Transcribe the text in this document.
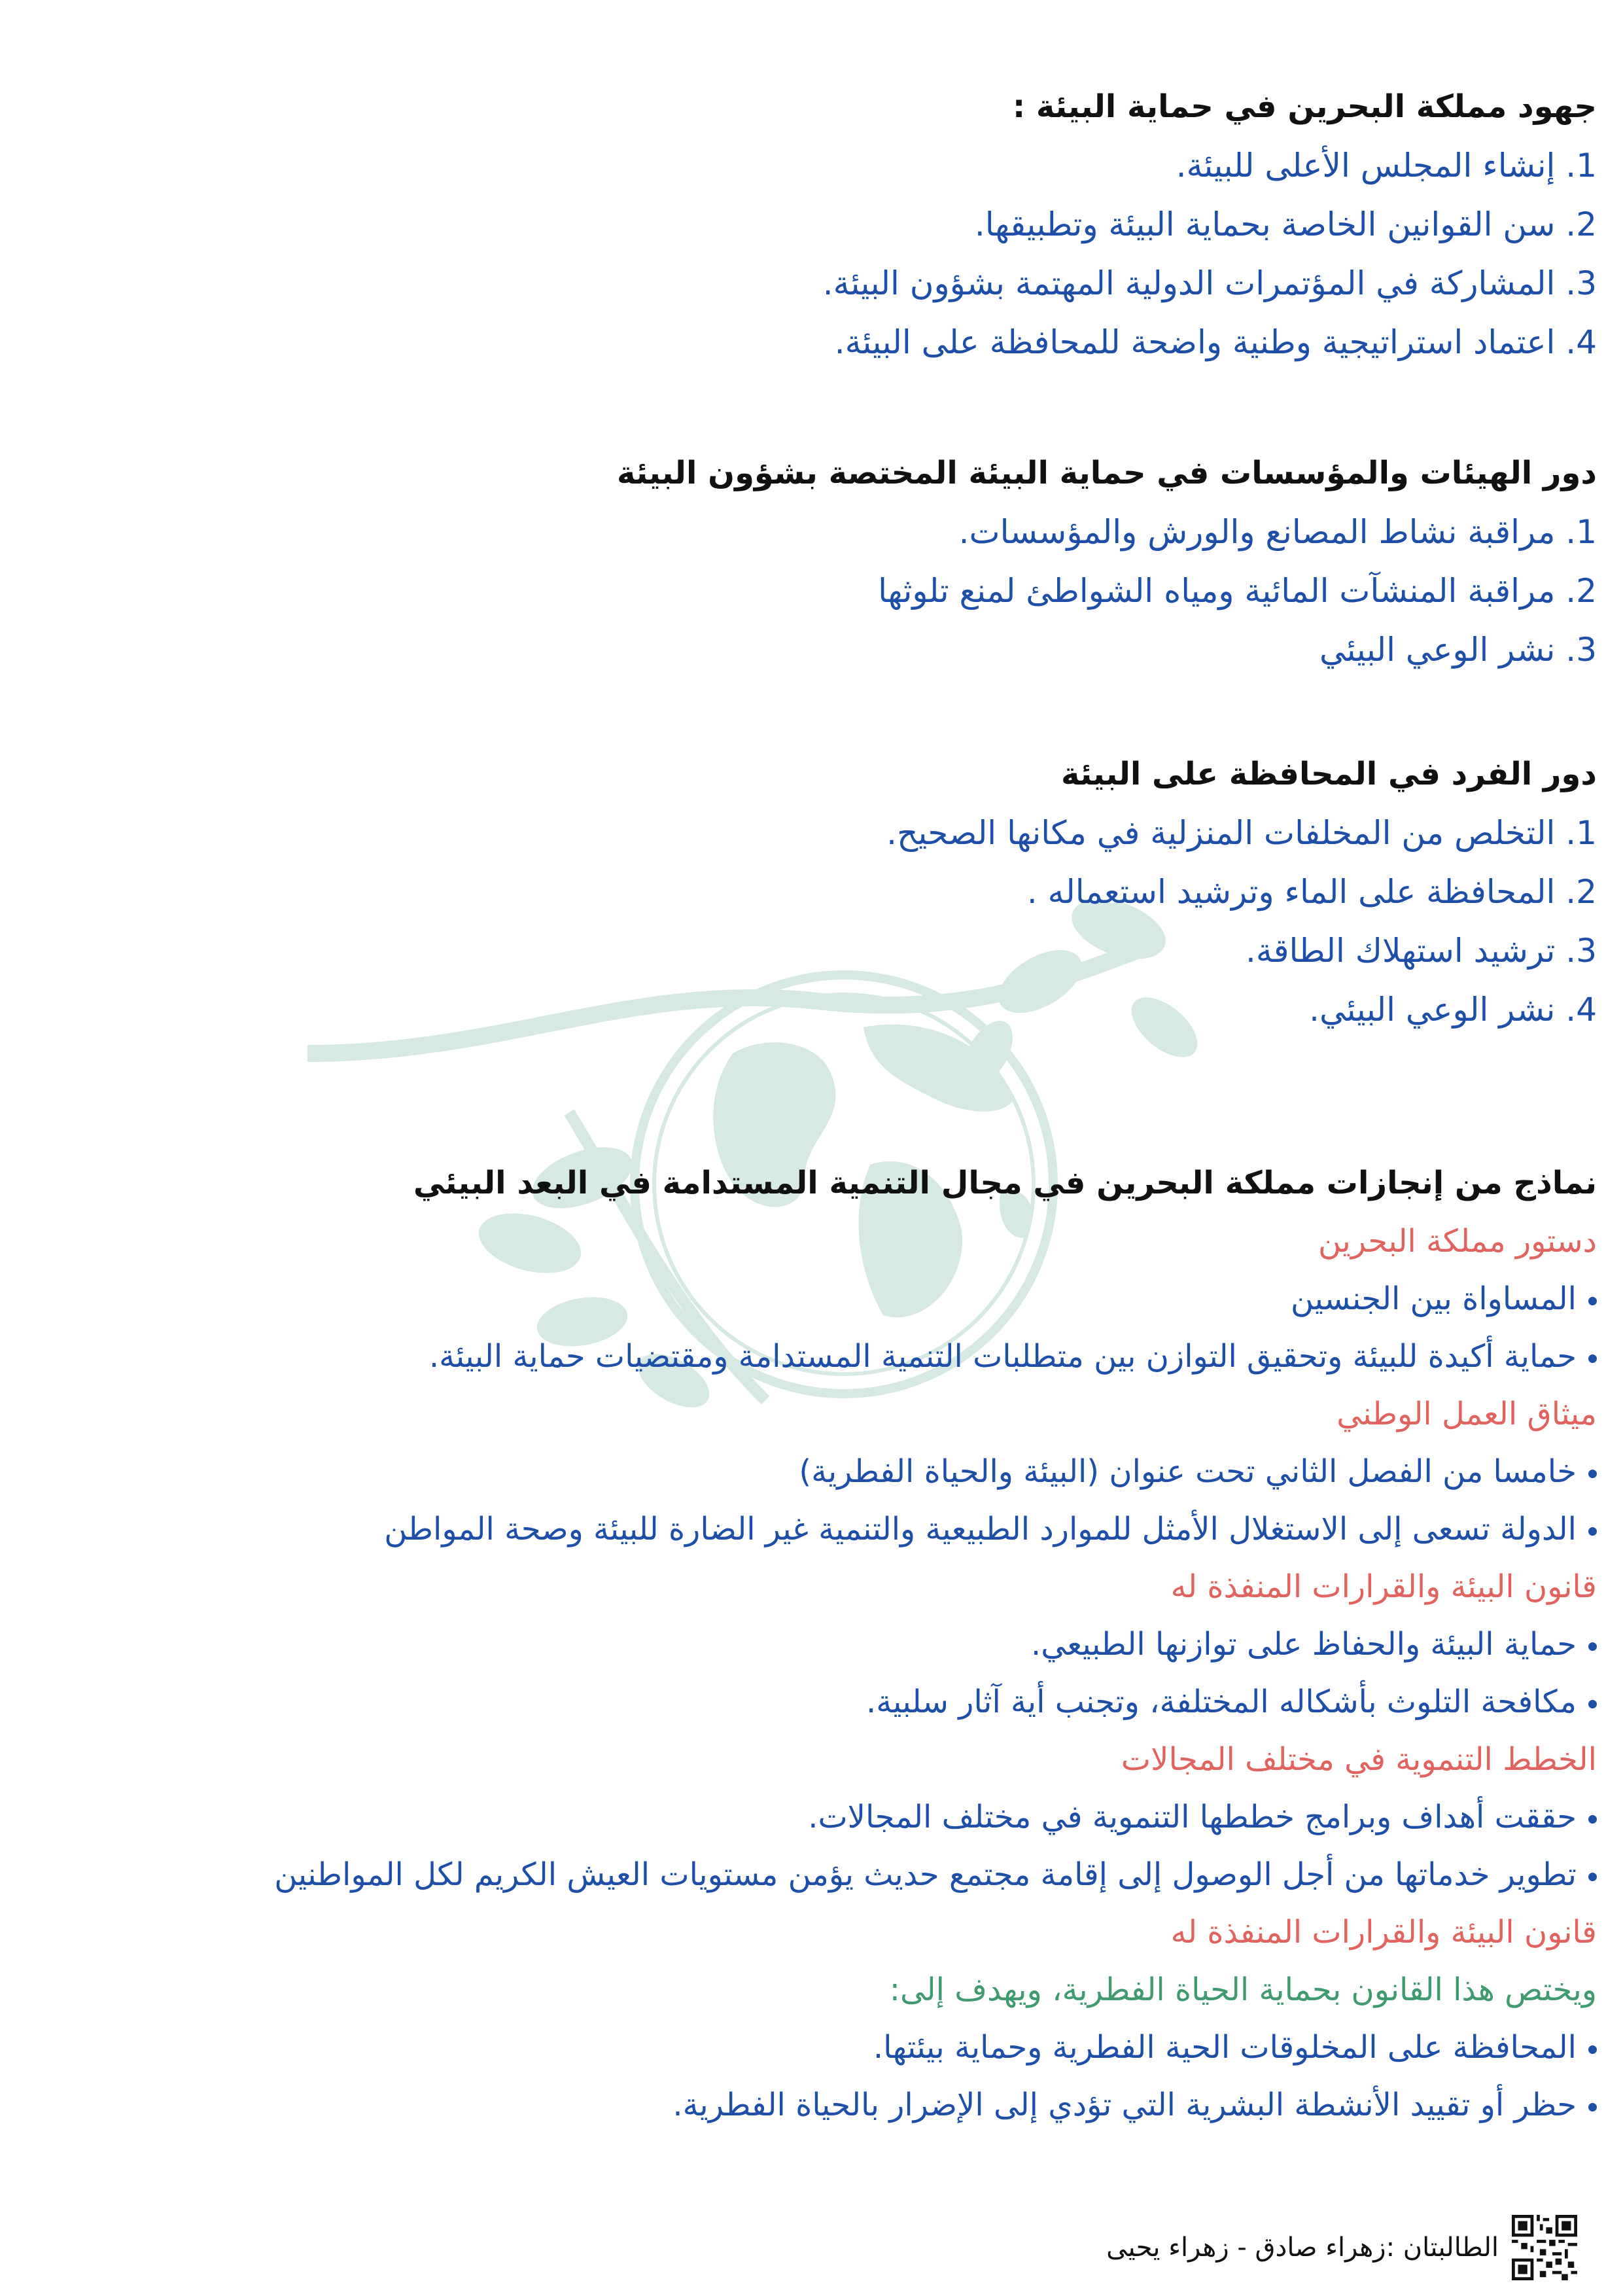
جهود مملكة البحرين في حماية البيئة :

1. إنشاء المجلس الأعلى للبيئة.

2. سن القوانين الخاصة بحماية البيئة وتطبيقها.

3. المشاركة في المؤتمرات الدولية المهتمة بشؤون البيئة.

4. اعتماد استراتيجية وطنية واضحة للمحافظة على البيئة.

دور الهيئات والمؤسسات في حماية البيئة المختصة بشؤون البيئة

1. مراقبة نشاط المصانع والورش والمؤسسات.

2. مراقبة المنشآت المائية ومياه الشواطئ لمنع تلوثها

3. نشر الوعي البيئي

دور الفرد في المحافظة على البيئة

1. التخلص من المخلفات المنزلية في مكانها الصحيح.

2. المحافظة على الماء وترشيد استعماله .

3. ترشيد استهلاك الطاقة.

4. نشر الوعي البيئي.

نماذج من إنجازات مملكة البحرين في مجال التنمية المستدامة في البعد البيئي

دستور مملكة البحرين

المساواة بين الجنسين

حماية أكيدة للبيئة وتحقيق التوازن بين متطلبات التنمية المستدامة ومقتضيات حماية البيئة.

ميثاق العمل الوطني

خامسا من الفصل الثاني تحت عنوان (البيئة والحياة الفطرية)

الدولة تسعى إلى الاستغلال الأمثل للموارد الطبيعية والتنمية غير الضارة للبيئة وصحة المواطن

قانون البيئة والقرارات المنفذة له

حماية البيئة والحفاظ على توازنها الطبيعي.

مكافحة التلوث بأشكاله المختلفة، وتجنب أية آثار سلبية.

الخطط التنموية في مختلف المجالات

حققت أهداف وبرامج خططها التنموية في مختلف المجالات.

تطوير خدماتها من أجل الوصول إلى إقامة مجتمع حديث يؤمن مستويات العيش الكريم لكل المواطنين

قانون البيئة والقرارات المنفذة له

ويختص هذا القانون بحماية الحياة الفطرية، ويهدف إلى:

المحافظة على المخلوقات الحية الفطرية وحماية بيئتها.

حظر أو تقييد الأنشطة البشرية التي تؤدي إلى الإضرار بالحياة الفطرية.

الطالبتان :زهراء صادق - زهراء يحيى
